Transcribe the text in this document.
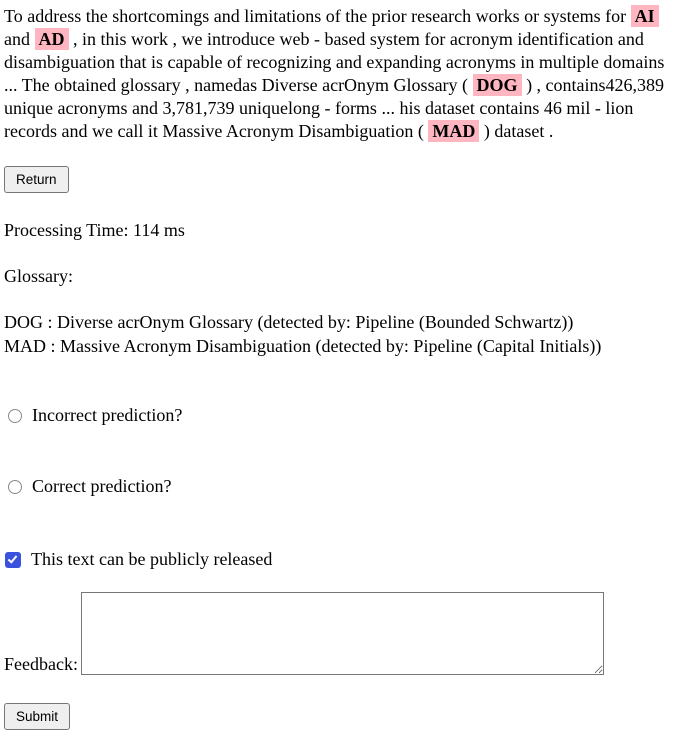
To address the shortcomings and limitations of the prior research works or systems for AI and AD , in this work , we introduce web - based system for acronym identification and disambiguation that is capable of recognizing and expanding acronyms in multiple domains ... The obtained glossary , namedas Diverse acrOnym Glossary ( DOG ) , contains426,389 unique acronyms and 3,781,739 uniquelong - forms ... his dataset contains 46 mil - lion records and we call it Massive Acronym Disambiguation ( MAD ) dataset .

Return

Processing Time: 114 ms

Glossary:

DOG : Diverse acrOnym Glossary (detected by: Pipeline (Bounded Schwartz))
MAD : Massive Acronym Disambiguation (detected by: Pipeline (Capital Initials))
Incorrect prediction?
Correct prediction?
This text can be publicly released
Feedback:
Submit
